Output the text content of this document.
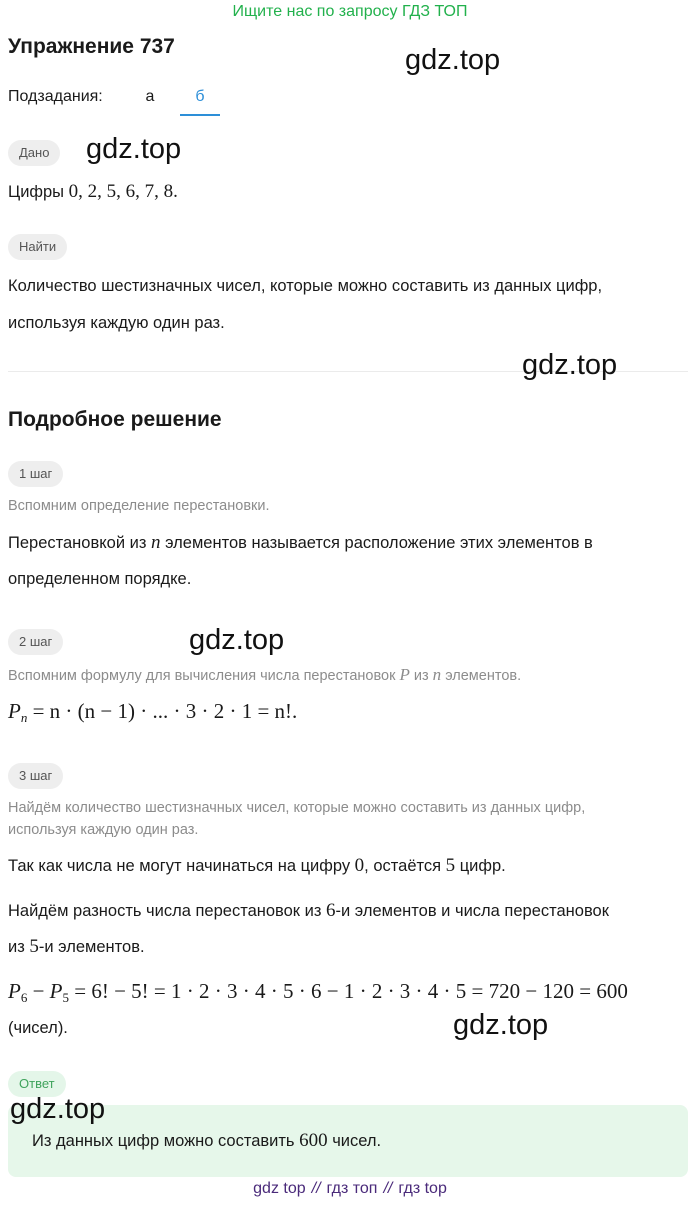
Ищите нас по запросу ГДЗ ТОП
Упражнение 737
Подзадания:	а	б
Дано
Цифры 0, 2, 5, 6, 7, 8.
Найти
Количество шестизначных чисел, которые можно составить из данных цифр,
используя каждую один раз.
Подробное решение
1 шаг
Вспомним определение перестановки.
Перестановкой из n элементов называется расположение этих элементов в
определенном порядке.
2 шаг
Вспомним формулу для вычисления числа перестановок P из n элементов.
$P_n = n \cdot (n - 1)$ · ... · 3 · 2 · 1 = n!.
3 шаг
Найдём количество шестизначных чисел, которые можно составить из данных цифр,
используя каждую один раз.
Так как числа не могут начинаться на цифру 0, остаётся 5 цифр.
Найдём разность числа перестановок из 6-и элементов и числа перестановок
из 5-и элементов.
$P_6 - P_5 = 6$! − 5! = 1 · 2 · 3 · 4 · 5 · 6 − 1 · 2 · 3 · 4 · 5 = 720 − 120 = 600
(чисел).
Ответ
Из данных цифр можно составить 600 чисел.
gdz.top
gdz.top
gdz.top
gdz.top
gdz.top
gdz.top
gdz top // гдз топ // гдз top
